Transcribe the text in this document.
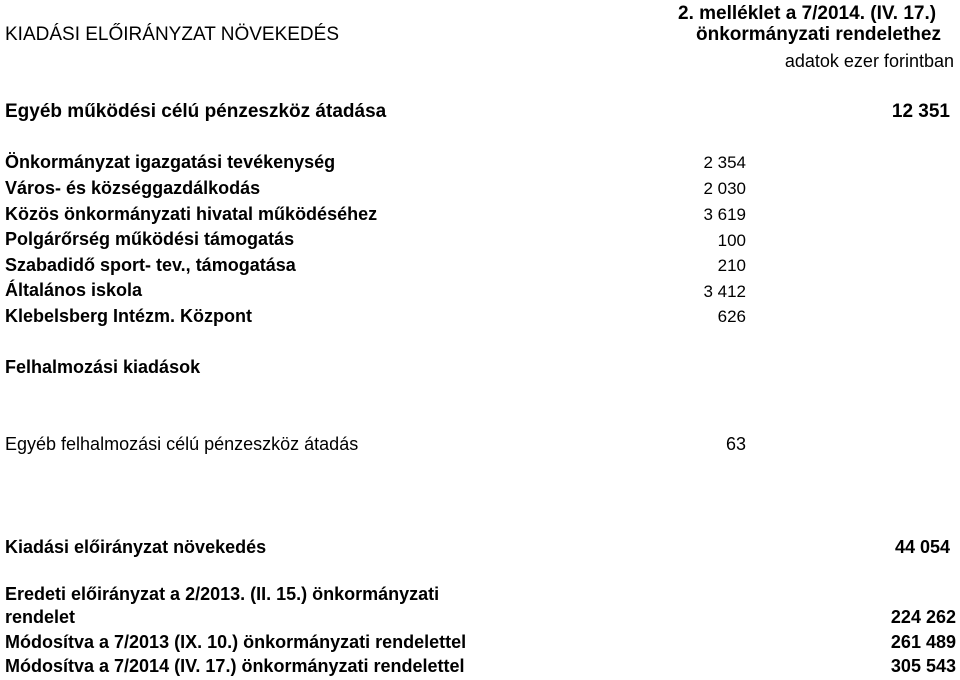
2. melléklet a 7/2014. (IV. 17.)
KIADÁSI ELŐIRÁNYZAT NÖVEKEDÉS	önkormányzati rendelethez
adatok ezer forintban
Egyéb működési célú pénzeszköz átadása	12 351
Önkormányzat igazgatási tevékenység	2 354
Város- és községgazdálkodás	2 030
Közös önkormányzati hivatal működéséhez	3 619
Polgárőrség működési támogatás	100
Szabadidő sport- tev., támogatása	210
Általános iskola	3 412
Klebelsberg Intézm. Központ	626
Felhalmozási kiadások
Egyéb felhalmozási célú pénzeszköz átadás	63
Kiadási előirányzat növekedés	44 054
Eredeti előirányzat a 2/2013. (II. 15.) önkormányzati
rendelet	224 262
Módosítva a 7/2013 (IX. 10.) önkormányzati rendelettel	261 489
Módosítva a 7/2014 (IV. 17.) önkormányzati rendelettel	305 543
